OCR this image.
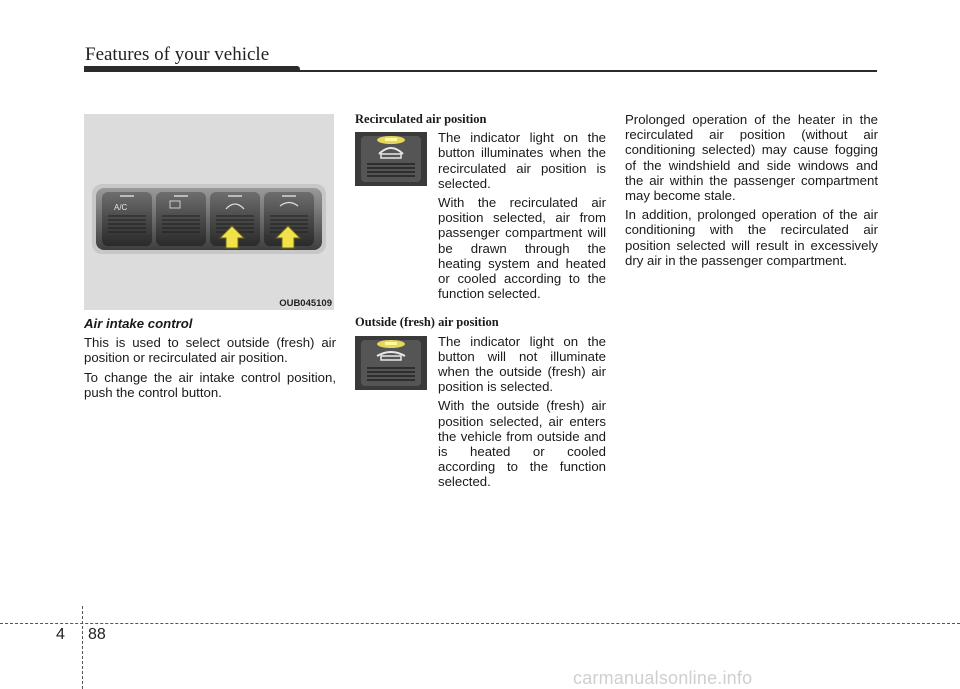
Features of your vehicle
A/C
OUB045109
Air intake control

This is used to select outside (fresh) air position or recirculated air position.

To change the air intake control position, push the control button.

Recirculated air position

The indicator light on the button illuminates when the recirculated air position is selected.

With the recirculated air position selected, air from passenger compartment will be drawn through the heating system and heated or cooled according to the function selected.

Outside (fresh) air position

The indicator light on the button will not illuminate when the outside (fresh) air position is selected.

With the outside (fresh) air position selected, air enters the vehicle from outside and is heated or cooled according to the function selected.

Prolonged operation of the heater in the recirculated air position (without air conditioning selected) may cause fogging of the windshield and side windows and the air within the passenger compartment may become stale.

In addition, prolonged operation of the air conditioning with the recirculated air position selected will result in excessively dry air in the passenger compartment.

4 88
carmanualsonline.info
